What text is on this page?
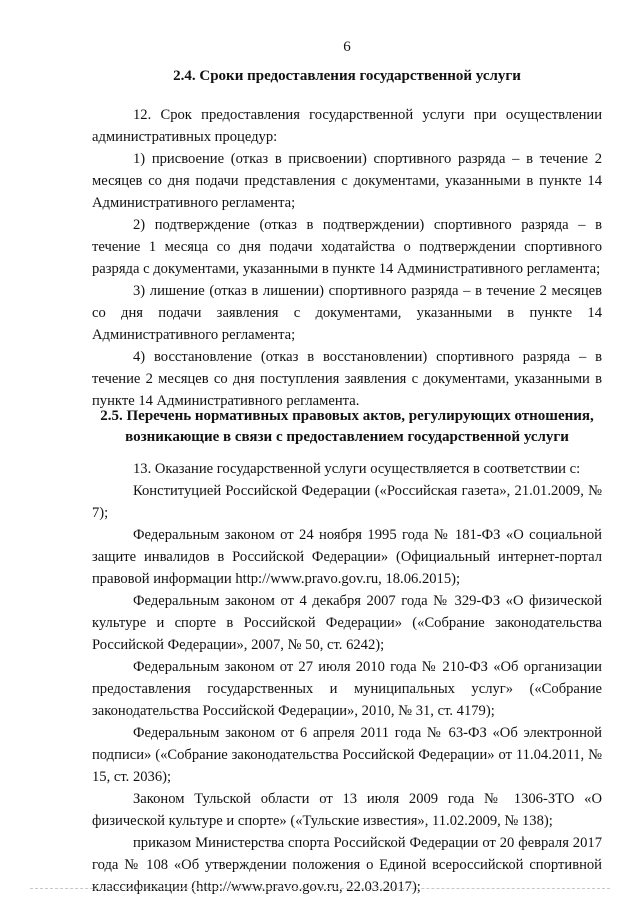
6
2.4. Сроки предоставления государственной услуги

12. Срок предоставления государственной услуги при осуществлении административных процедур:

1) присвоение (отказ в присвоении) спортивного разряда – в течение 2 месяцев со дня подачи представления с документами, указанными в пункте 14 Административного регламента;

2) подтверждение (отказ в подтверждении) спортивного разряда – в течение 1 месяца со дня подачи ходатайства о подтверждении спортивного разряда с документами, указанными в пункте 14 Административного регламента;

3) лишение (отказ в лишении) спортивного разряда – в течение 2 месяцев со дня подачи заявления с документами, указанными в пункте 14 Административного регламента;

4) восстановление (отказ в восстановлении) спортивного разряда – в течение 2 месяцев со дня поступления заявления с документами, указанными в пункте 14 Административного регламента.

2.5. Перечень нормативных правовых актов, регулирующих отношения, возникающие в связи с предоставлением государственной услуги

13. Оказание государственной услуги осуществляется в соответствии с:

Конституцией Российской Федерации («Российская газета», 21.01.2009, № 7);

Федеральным законом от 24 ноября 1995 года № 181-ФЗ «О социальной защите инвалидов в Российской Федерации» (Официальный интернет-портал правовой информации http://www.pravo.gov.ru, 18.06.2015);

Федеральным законом от 4 декабря 2007 года № 329-ФЗ «О физической культуре и спорте в Российской Федерации» («Собрание законодательства Российской Федерации», 2007, № 50, ст. 6242);

Федеральным законом от 27 июля 2010 года № 210-ФЗ «Об организации предоставления государственных и муниципальных услуг» («Собрание законодательства Российской Федерации», 2010, № 31, ст. 4179);

Федеральным законом от 6 апреля 2011 года № 63-ФЗ «Об электронной подписи» («Собрание законодательства Российской Федерации» от 11.04.2011, № 15, ст. 2036);

Законом Тульской области от 13 июля 2009 года № 1306-ЗТО «О физической культуре и спорте» («Тульские известия», 11.02.2009, № 138);

приказом Министерства спорта Российской Федерации от 20 февраля 2017 года № 108 «Об утверждении положения о Единой всероссийской спортивной классификации (http://www.pravo.gov.ru, 22.03.2017);
